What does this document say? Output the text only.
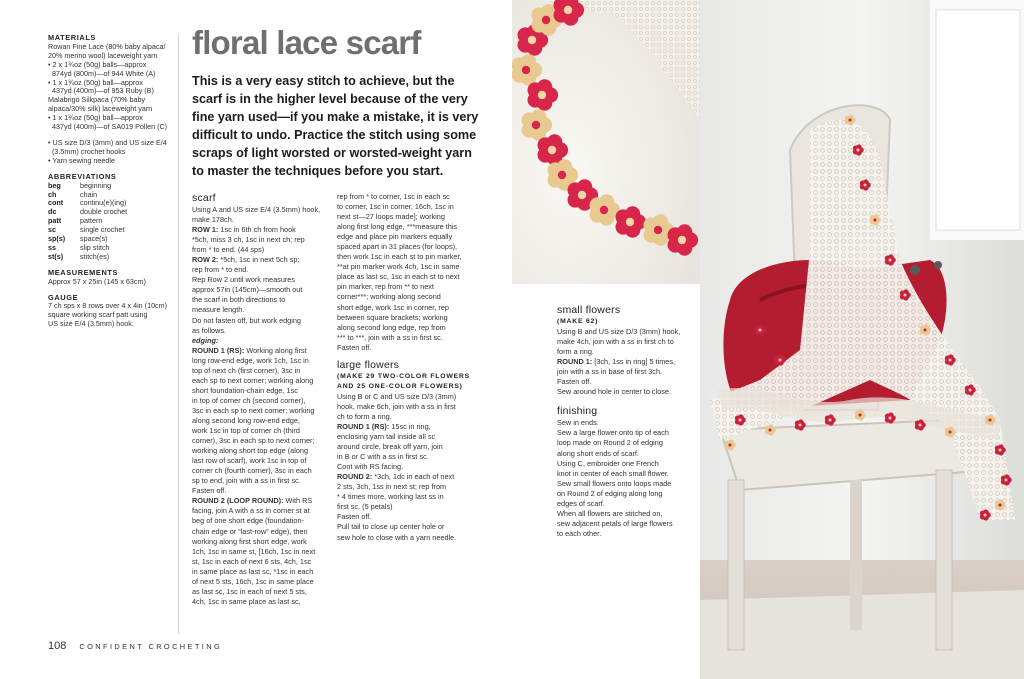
MATERIALS
Rowan Fine Lace (80% baby alpaca/
20% merino wool) laceweight yarn
• 2 x 1¾oz (50g) balls—approx
874yd (800m)—of 944 White (A)
• 1 x 1¾oz (50g) ball—approx
437yd (400m)—of 953 Ruby (B)
Malabrigo Silkpaca (70% baby
alpaca/30% silk) laceweight yarn
• 1 x 1¾oz (50g) ball—approx
437yd (400m)—of SA019 Pollen (C)
• US size D/3 (3mm) and US size E/4
(3.5mm) crochet hooks
• Yarn sewing needle
ABBREVIATIONS
beg	beginning
ch	chain
cont	continu(e)(ing)
dc	double crochet
patt	pattern
sc	single crochet
sp(s)	space(s)
ss	slip stitch
st(s)	stitch(es)
MEASUREMENTS
Approx 57 x 25in (145 x 63cm)
GAUGE
7 ch sps x 8 rows over 4 x 4in (10cm)
square working scarf patt using
US size E/4 (3.5mm) hook.
floral lace scarf
This is a very easy stitch to achieve, but the
scarf is in the higher level because of the very
fine yarn used—if you make a mistake, it is very
difficult to undo. Practice the stitch using some
scraps of light worsted or worsted-weight yarn
to master the techniques before you start.
scarf
Using A and US size E/4 (3.5mm) hook,
make 178ch.
ROW 1: 1sc in 6th ch from hook
*5ch, miss 3 ch, 1sc in next ch; rep
from * to end. (44 sps)
ROW 2: *5ch, 1sc in next 5ch sp;
rep from * to end.
Rep Row 2 until work measures
approx 57in (145cm)—smooth out
the scarf in both directions to
measure length.
Do not fasten off, but work edging
as follows.
edging:
ROUND 1 (RS): Working along first
long row-end edge, work 1ch, 1sc in
top of next ch (first corner), 3sc in
each sp to next corner; working along
short foundation-chain edge, 1sc
in top of corner ch (second corner),
3sc in each sp to next corner; working
along second long row-end edge,
work 1sc in top of corner ch (third
corner), 3sc in each sp to next corner;
working along short top edge (along
last row of scarf), work 1sc in top of
corner ch (fourth corner), 3sc in each
sp to end, join with a ss in first sc.
Fasten off.
ROUND 2 (LOOP ROUND): With RS
facing, join A with a ss in corner st at
beg of one short edge (foundation-
chain edge or “last-row” edge), then
working along first short edge, work
1ch, 1sc in same st, [16ch, 1sc in next
st, 1sc in each of next 6 sts, 4ch, 1sc
in same place as last sc, *1sc in each
of next 5 sts, 16ch, 1sc in same place
as last sc, 1sc in each of next 5 sts,
4ch, 1sc in same place as last sc,
rep from * to corner, 1sc in each sc
to corner, 1sc in corner, 16ch, 1sc in
next st—27 loops made]; working
along first long edge, ***measure this
edge and place pin markers equally
spaced apart in 31 places (for loops),
then work 1sc in each st to pin marker,
**at pin marker work 4ch, 1sc in same
place as last sc, 1sc in each st to next
pin marker, rep from ** to next
corner***; working along second
short edge, work 1sc in corner, rep
between square brackets; working
along second long edge, rep from
*** to ***, join with a ss in first sc.
Fasten off.
large flowers
(MAKE 29 TWO-COLOR FLOWERS
AND 25 ONE-COLOR FLOWERS)
Using B or C and US size D/3 (3mm)
hook, make 6ch, join with a ss in first
ch to form a ring.
ROUND 1 (RS): 15sc in ring,
enclosing yarn tail inside all sc
around circle, break off yarn, join
in B or C with a ss in first sc.
Cont with RS facing.
ROUND 2: *3ch, 1dc in each of next
2 sts, 3ch, 1ss in next st; rep from
* 4 times more, working last ss in
first sc. (5 petals)
Fasten off.
Pull tail to close up center hole or
sew hole to close with a yarn needle.
small flowers
(MAKE 62)
Using B and US size D/3 (3mm) hook,
make 4ch, join with a ss in first ch to
form a ring.
ROUND 1: [3ch, 1ss in ring] 5 times,
join with a ss in base of first 3ch.
Fasten off.
Sew around hole in center to close.
finishing
Sew in ends.
Sew a large flower onto tip of each
loop made on Round 2 of edging
along short ends of scarf.
Using C, embroider one French
knot in center of each small flower.
Sew small flowers onto loops made
on Round 2 of edging along long
edges of scarf.
When all flowers are stitched on,
sew adjacent petals of large flowers
to each other.
108 CONFIDENT CROCHETING
